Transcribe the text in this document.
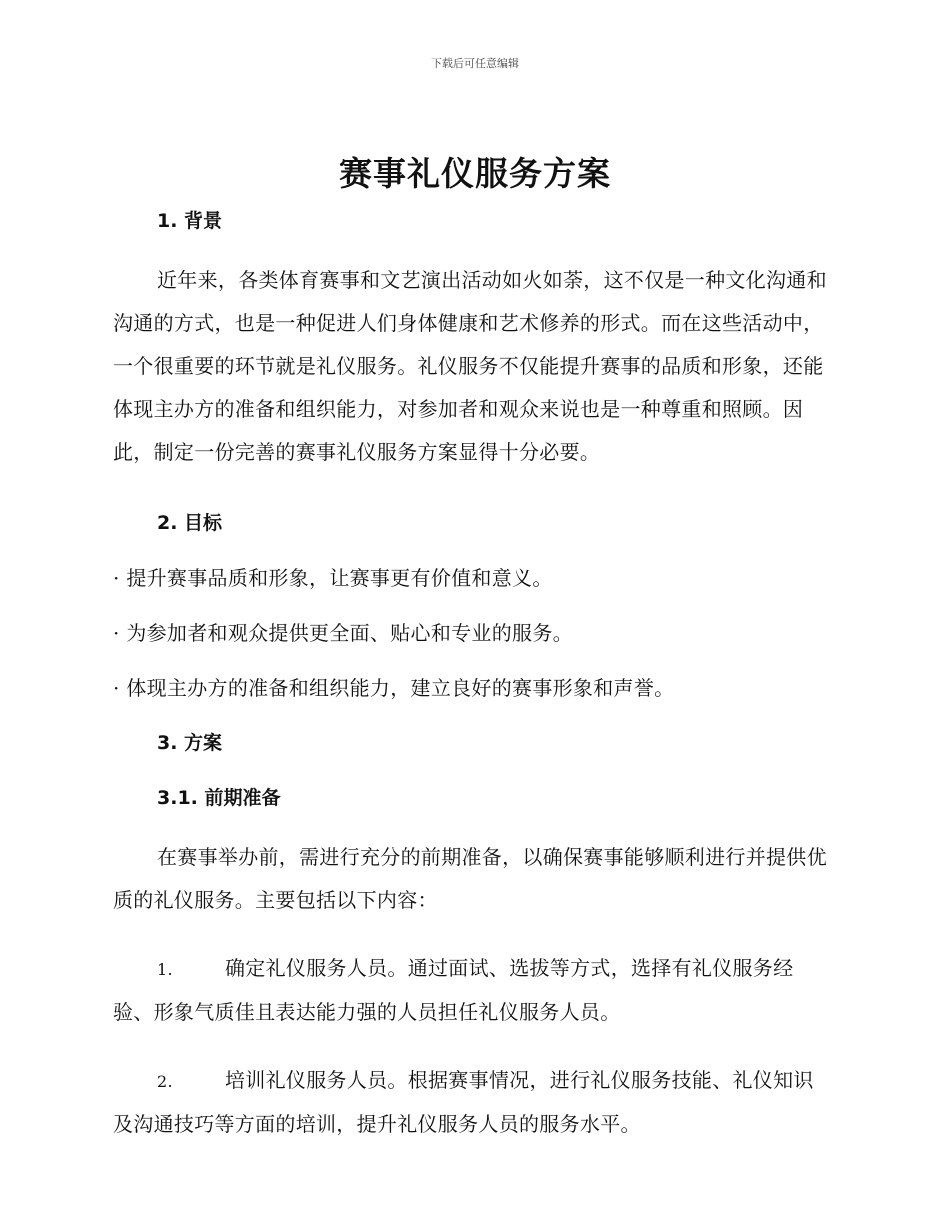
下载后可任意编辑
赛事礼仪服务方案
1. 背景

近年来，各类体育赛事和文艺演出活动如火如荼，这不仅是一种文化沟通和沟通的方式，也是一种促进人们身体健康和艺术修养的形式。而在这些活动中，一个很重要的环节就是礼仪服务。礼仪服务不仅能提升赛事的品质和形象，还能体现主办方的准备和组织能力，对参加者和观众来说也是一种尊重和照顾。因此，制定一份完善的赛事礼仪服务方案显得十分必要。

2. 目标

· 提升赛事品质和形象，让赛事更有价值和意义。

· 为参加者和观众提供更全面、贴心和专业的服务。

· 体现主办方的准备和组织能力，建立良好的赛事形象和声誉。

3. 方案
3.1. 前期准备

在赛事举办前，需进行充分的前期准备，以确保赛事能够顺利进行并提供优质的礼仪服务。主要包括以下内容：

1.	确定礼仪服务人员。通过面试、选拔等方式，选择有礼仪服务经验、形象气质佳且表达能力强的人员担任礼仪服务人员。

2.	培训礼仪服务人员。根据赛事情况，进行礼仪服务技能、礼仪知识及沟通技巧等方面的培训，提升礼仪服务人员的服务水平。
